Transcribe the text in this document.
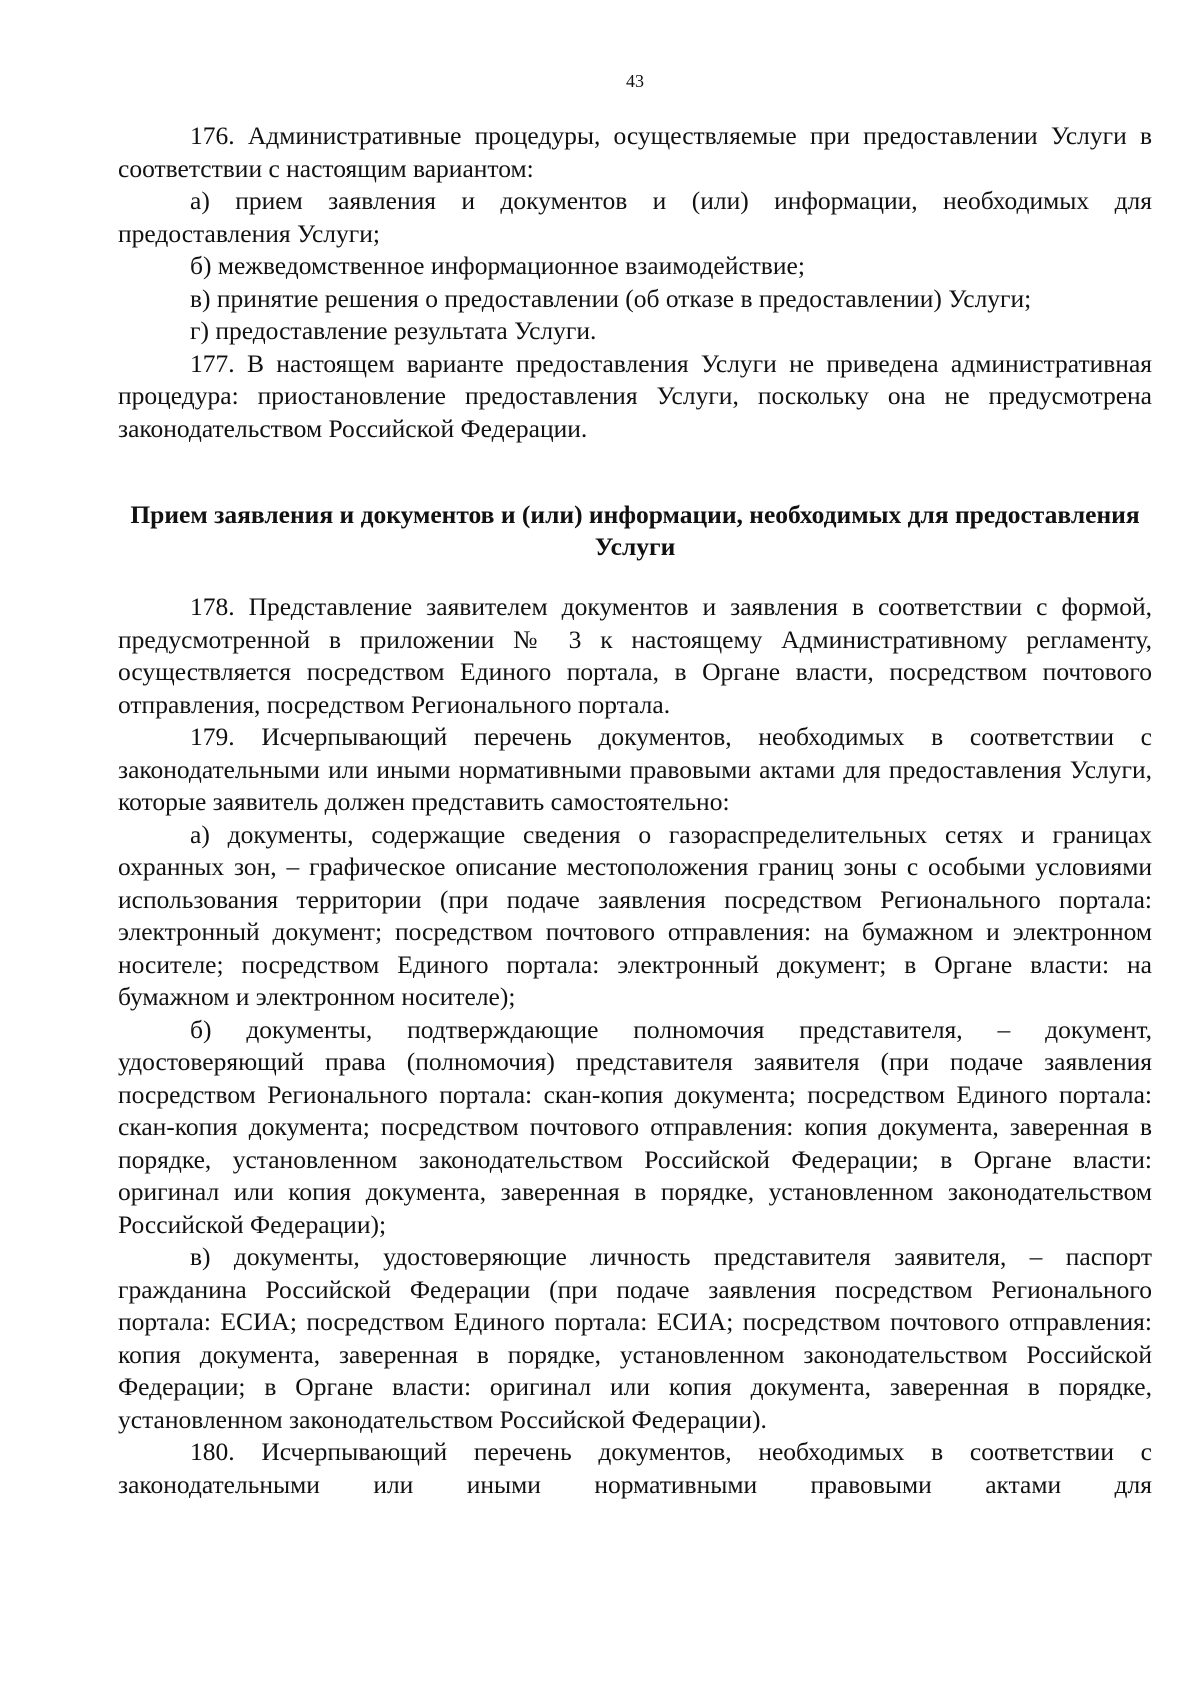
43

176. Административные процедуры, осуществляемые при предоставлении Услуги в соответствии с настоящим вариантом:

а) прием заявления и документов и (или) информации, необходимых для предоставления Услуги;

б) межведомственное информационное взаимодействие;

в) принятие решения о предоставлении (об отказе в предоставлении) Услуги;

г) предоставление результата Услуги.

177. В настоящем варианте предоставления Услуги не приведена административная процедура: приостановление предоставления Услуги, поскольку она не предусмотрена законодательством Российской Федерации.

Прием заявления и документов и (или) информации, необходимых для предоставления Услуги

178. Представление заявителем документов и заявления в соответствии с формой, предусмотренной в приложении № 3 к настоящему Административному регламенту, осуществляется посредством Единого портала, в Органе власти, посредством почтового отправления, посредством Регионального портала.

179. Исчерпывающий перечень документов, необходимых в соответствии с законодательными или иными нормативными правовыми актами для предоставления Услуги, которые заявитель должен представить самостоятельно:

а) документы, содержащие сведения о газораспределительных сетях и границах охранных зон, – графическое описание местоположения границ зоны с особыми условиями использования территории (при подаче заявления посредством Регионального портала: электронный документ; посредством почтового отправления: на бумажном и электронном носителе; посредством Единого портала: электронный документ; в Органе власти: на бумажном и электронном носителе);

б) документы, подтверждающие полномочия представителя, – документ, удостоверяющий права (полномочия) представителя заявителя (при подаче заявления посредством Регионального портала: скан-копия документа; посредством Единого портала: скан-копия документа; посредством почтового отправления: копия документа, заверенная в порядке, установленном законодательством Российской Федерации; в Органе власти: оригинал или копия документа, заверенная в порядке, установленном законодательством Российской Федерации);

в) документы, удостоверяющие личность представителя заявителя, – паспорт гражданина Российской Федерации (при подаче заявления посредством Регионального портала: ЕСИА; посредством Единого портала: ЕСИА; посредством почтового отправления: копия документа, заверенная в порядке, установленном законодательством Российской Федерации; в Органе власти: оригинал или копия документа, заверенная в порядке, установленном законодательством Российской Федерации).

180. Исчерпывающий перечень документов, необходимых в соответствии с законодательными или иными нормативными правовыми актами для
